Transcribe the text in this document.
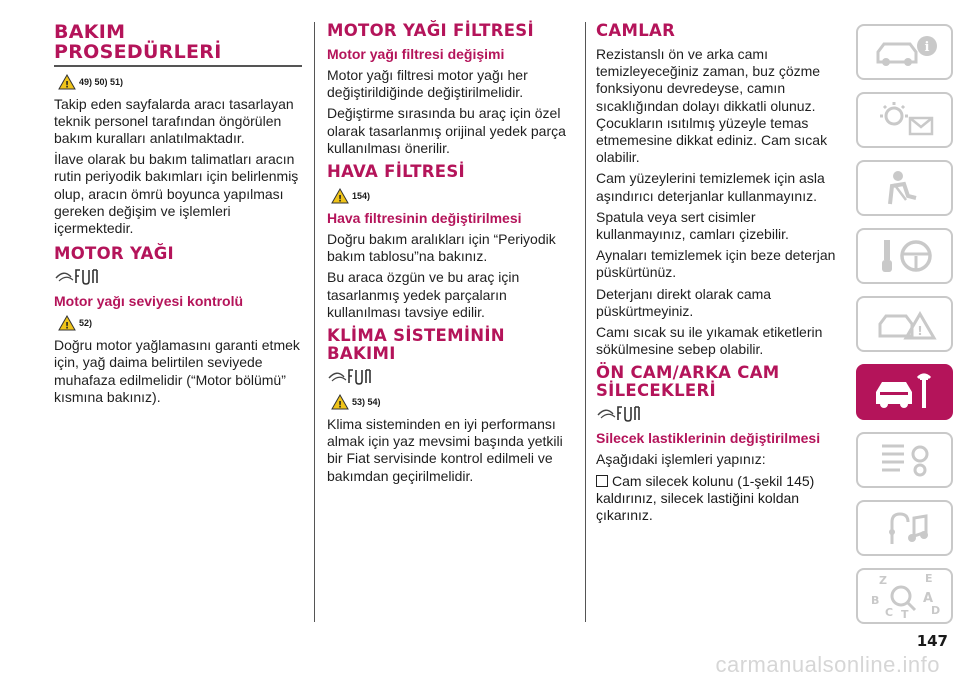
BAKIM
PROSEDÜRLERİ
! 49) 50) 51)

Takip eden sayfalarda aracı tasarlayan teknik personel tarafından öngörülen bakım kuralları anlatılmaktadır.

İlave olarak bu bakım talimatları aracın rutin periyodik bakımları için belirlenmiş olup, aracın ömrü boyunca yapılması gereken değişim ve işlemleri içermektedir.

MOTOR YAĞI
Motor yağı seviyesi kontrolü
! 52)

Doğru motor yağlamasını garanti etmek için, yağ daima belirtilen seviyede muhafaza edilmelidir (“Motor bölümü” kısmına bakınız).

MOTOR YAĞI FİLTRESİ
Motor yağı filtresi değişimi

Motor yağı filtresi motor yağı her değiştirildiğinde değiştirilmelidir.

Değiştirme sırasında bu araç için özel olarak tasarlanmış orijinal yedek parça kullanılması önerilir.

HAVA FİLTRESİ
! 154)
Hava filtresinin değiştirilmesi

Doğru bakım aralıkları için “Periyodik bakım tablosu”na bakınız.

Bu araca özgün ve bu araç için tasarlanmış yedek parçaların kullanılması tavsiye edilir.

KLİMA SİSTEMİNİN BAKIMI
! 53) 54)

Klima sisteminden en iyi performansı almak için yaz mevsimi başında yetkili bir Fiat servisinde kontrol edilmeli ve bakımdan geçirilmelidir.

CAMLAR

Rezistanslı ön ve arka camı temizleyeceğiniz zaman, buz çözme fonksiyonu devredeyse, camın sıcaklığından dolayı dikkatli olunuz. Çocukların ısıtılmış yüzeyle temas etmemesine dikkat ediniz. Cam sıcak olabilir.

Cam yüzeylerini temizlemek için asla aşındırıcı deterjanlar kullanmayınız.

Spatula veya sert cisimler kullanmayınız, camları çizebilir.

Aynaları temizlemek için beze deterjan püskürtünüz.

Deterjanı direkt olarak cama püskürtmeyiniz.

Camı sıcak su ile yıkamak etiketlerin sökülmesine sebep olabilir.

ÖN CAM/ARKA CAM
SİLECEKLERİ
Silecek lastiklerinin değiştirilmesi

Aşağıdaki işlemleri yapınız:

Cam silecek kolunu (1-şekil 145) kaldırınız, silecek lastiğini koldan çıkarınız.

i
!
Z	E
A
B
C T D
147
carmanualsonline.info
